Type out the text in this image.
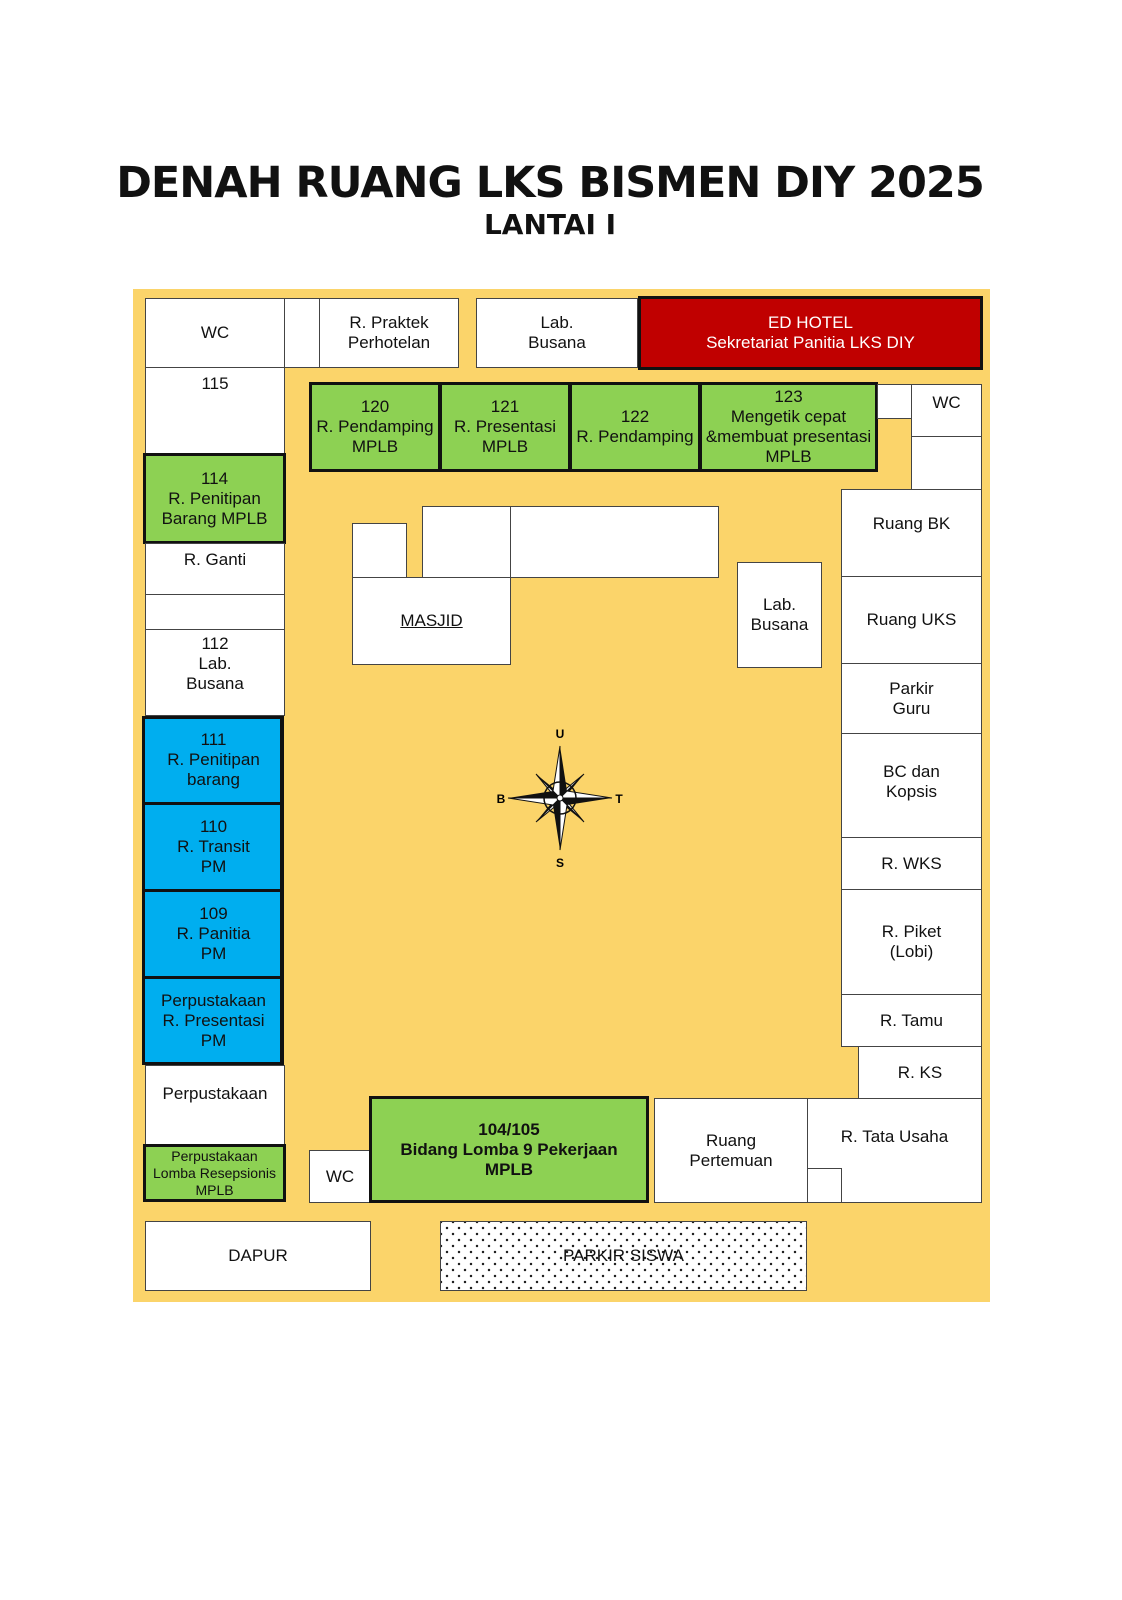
DENAH RUANG LKS BISMEN DIY 2025
LANTAI I
WC
R. Praktek
Perhotelan
Lab.
Busana
ED HOTEL
Sekretariat Panitia LKS DIY
115
114
R. Penitipan
Barang MPLB
R. Ganti
112
Lab.
Busana
111
R. Penitipan
barang
110
R. Transit
PM
109
R. Panitia
PM
Perpustakaan
R. Presentasi
PM
Perpustakaan
Perpustakaan
Lomba Resepsionis
MPLB
120
R. Pendamping
MPLB
121
R. Presentasi
MPLB
122
R. Pendamping
123
Mengetik cepat
&membuat presentasi
MPLB
WC
MASJID
Lab.
Busana
Ruang BK
Ruang UKS
Parkir
Guru
BC dan
Kopsis
R. WKS
R. Piket
(Lobi)
R. Tamu
R. KS
WC
104/105
Bidang Lomba 9 Pekerjaan
MPLB
Ruang
Pertemuan
R. Tata Usaha
DAPUR	PARKIR SISWA
U
S
T
B
